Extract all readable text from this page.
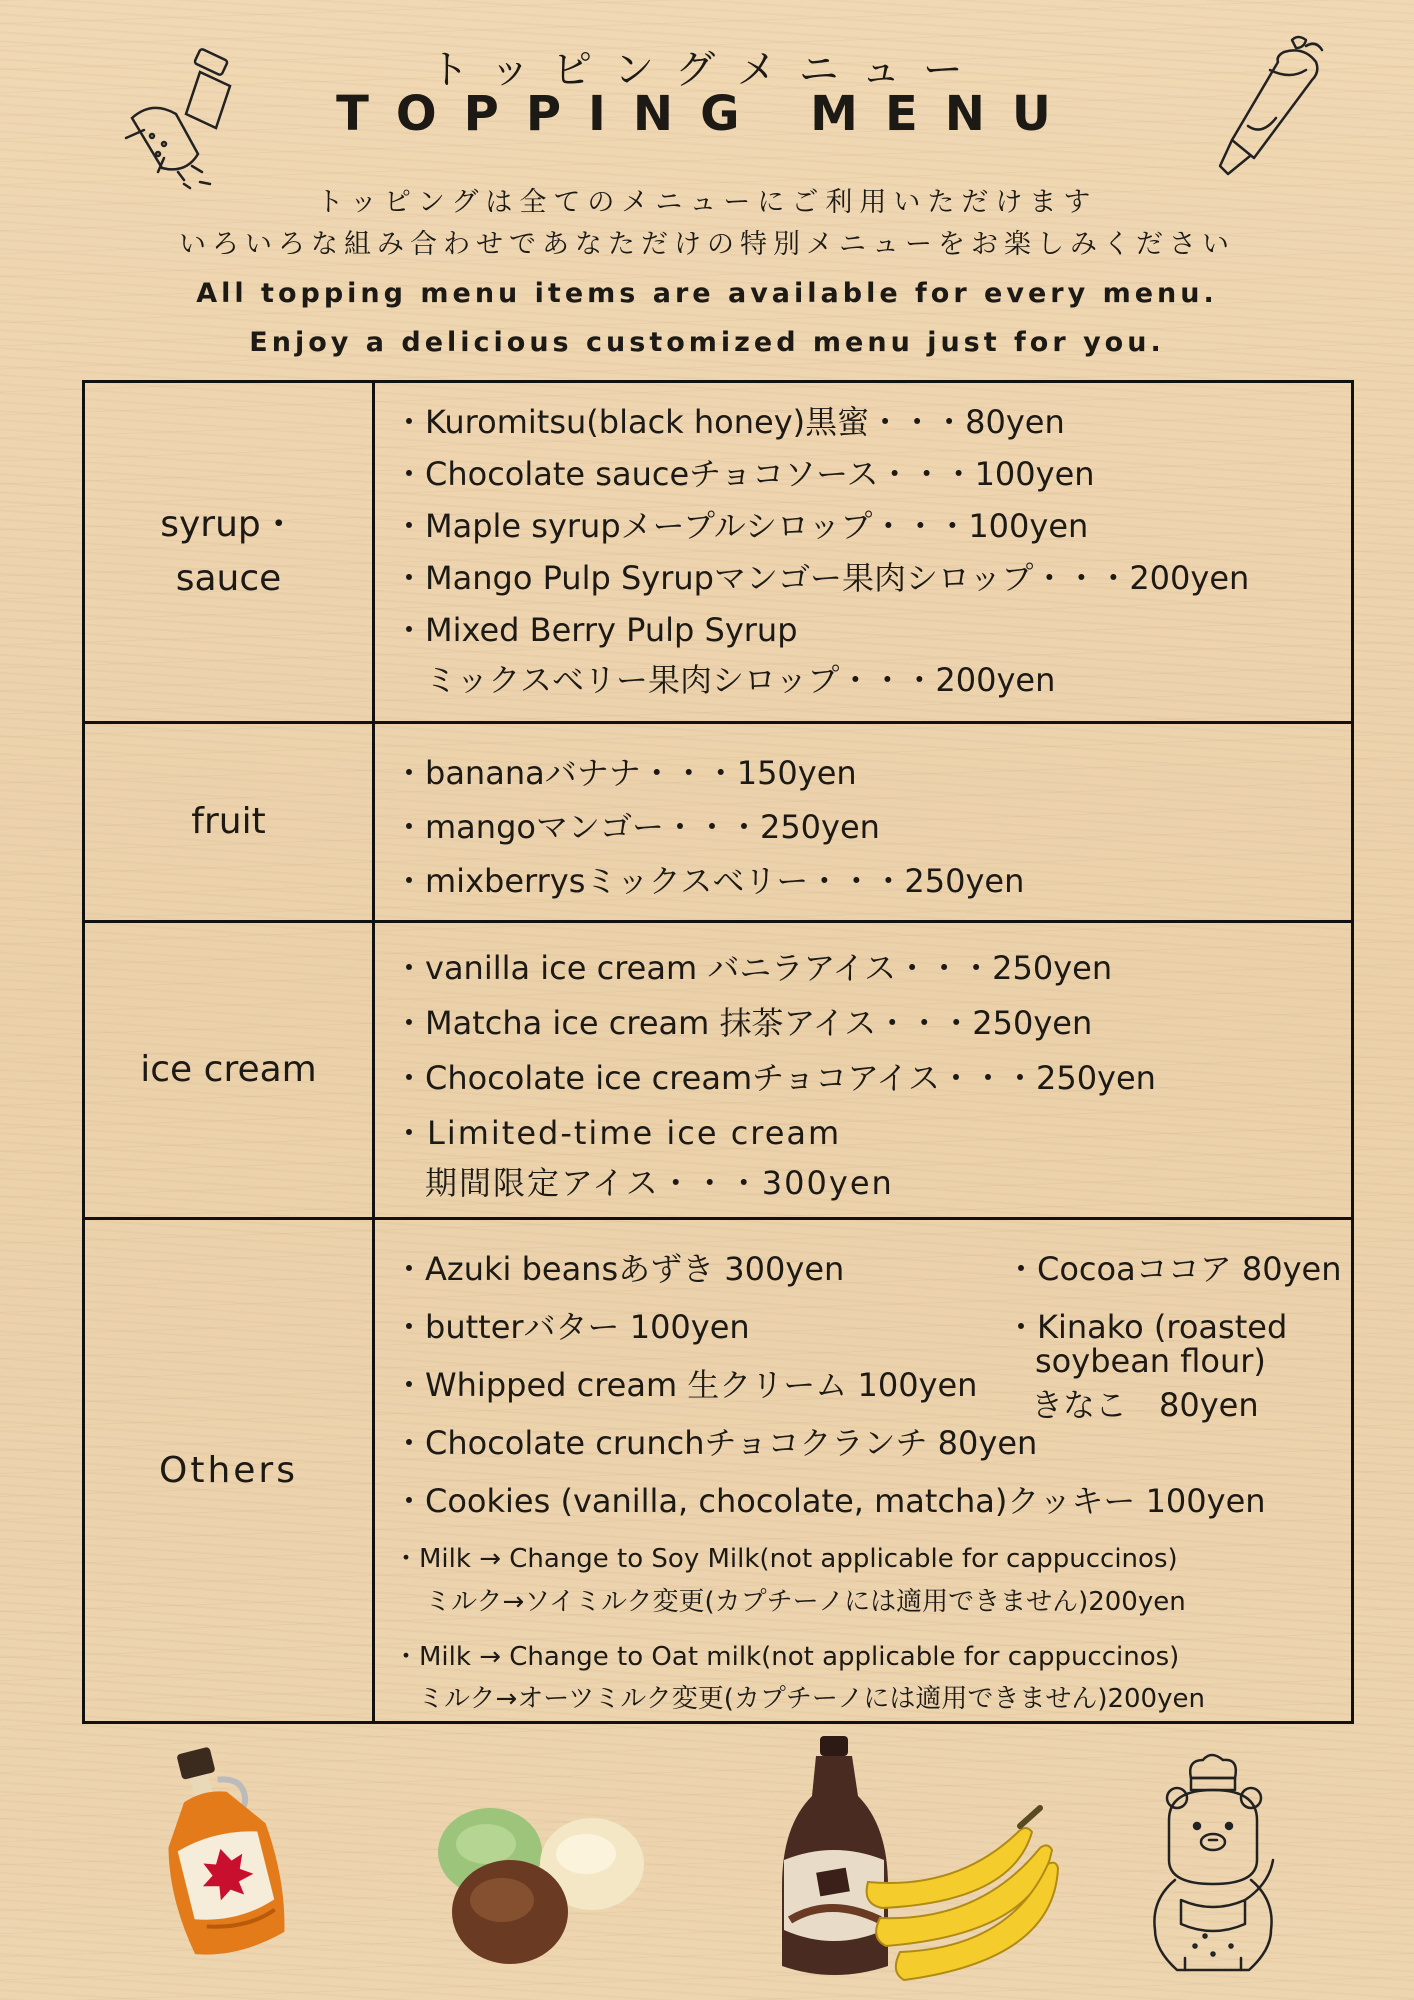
トッピングメニュー
TOPPING MENU
トッピングは全てのメニューにご利用いただけます
いろいろな組み合わせであなただけの特別メニューをお楽しみください
All topping menu items are available for every menu.
Enjoy a delicious customized menu just for you.
syrup・
sauce
・Kuromitsu(black honey)黒蜜・・・80yen
・Chocolate sauceチョコソース・・・100yen
・Maple syrupメープルシロップ・・・100yen
・Mango Pulp Syrupマンゴー果肉シロップ・・・200yen
・Mixed Berry Pulp Syrup
ミックスベリー果肉シロップ・・・200yen
fruit
・bananaバナナ・・・150yen
・mangoマンゴー・・・250yen
・mixberrysミックスベリー・・・250yen
ice cream
・vanilla ice cream バニラアイス・・・250yen
・Matcha ice cream 抹茶アイス・・・250yen
・Chocolate ice creamチョコアイス・・・250yen
・Limited-time ice cream
期間限定アイス・・・300yen
Others
・Azuki beansあずき 300yen
・butterバター 100yen
・Whipped cream 生クリーム 100yen
・Chocolate crunchチョコクランチ 80yen
・Cookies (vanilla, chocolate, matcha)クッキー 100yen
・Milk → Change to Soy Milk(not applicable for cappuccinos)
ミルク→ソイミルク変更(カプチーノには適用できません)200yen
・Milk → Change to Oat milk(not applicable for cappuccinos)
ミルク→オーツミルク変更(カプチーノには適用できません)200yen
・Cocoaココア 80yen
・Kinako (roasted
soybean flour)
きなこ　80yen
